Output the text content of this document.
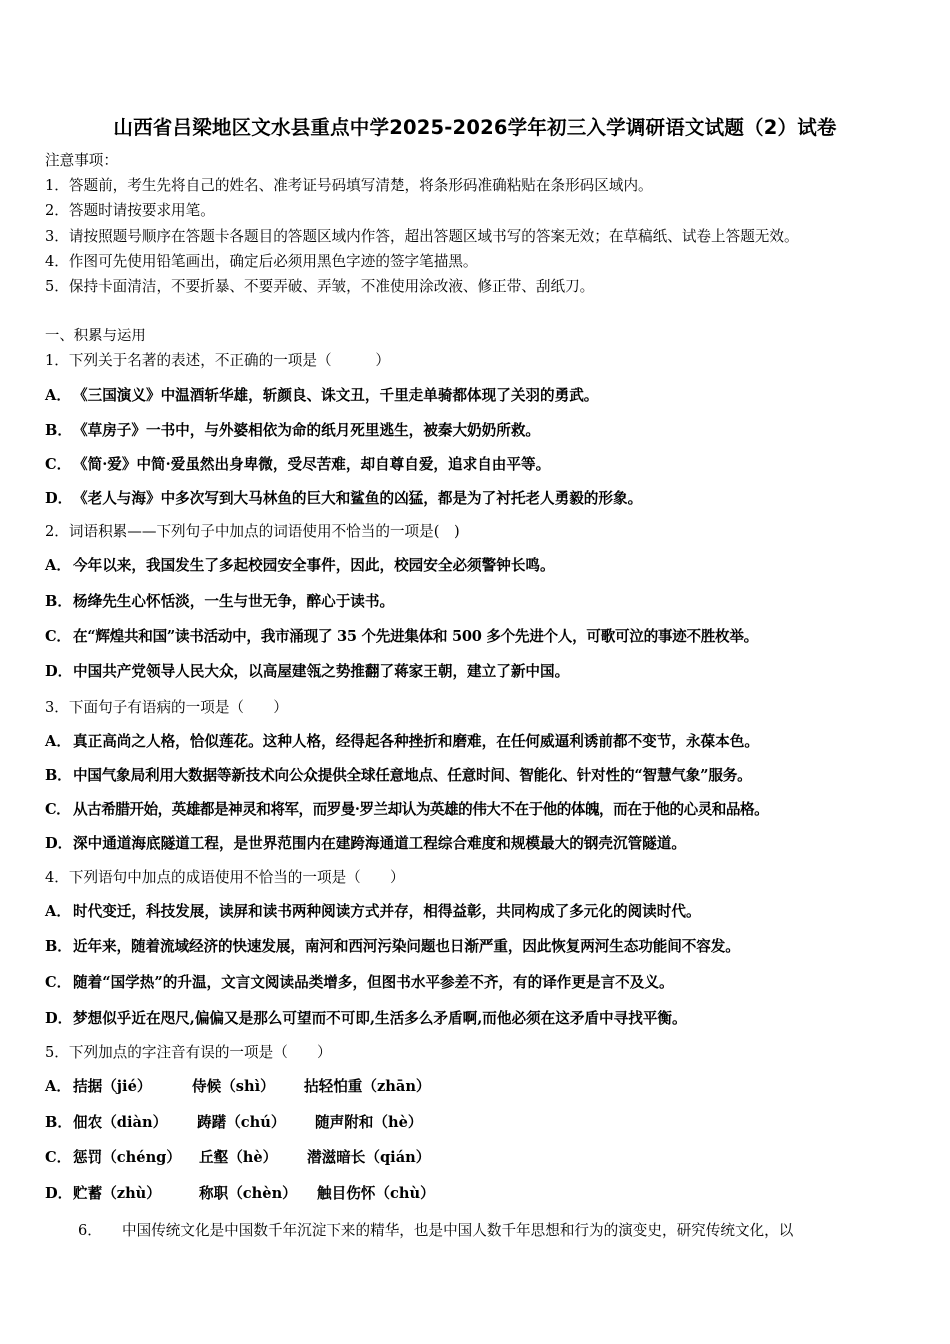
山西省吕梁地区文水县重点中学2025-2026学年初三入学调研语文试题（2）试卷
注意事项：
1．答题前，考生先将自己的姓名、准考证号码填写清楚，将条形码准确粘贴在条形码区域内。
2．答题时请按要求用笔。
3．请按照题号顺序在答题卡各题目的答题区域内作答，超出答题区域书写的答案无效；在草稿纸、试卷上答题无效。
4．作图可先使用铅笔画出，确定后必须用黑色字迹的签字笔描黑。
5．保持卡面清洁，不要折暴、不要弄破、弄皱，不准使用涂改液、修正带、刮纸刀。
一、积累与运用
1．下列关于名著的表述，不正确的一项是（　　　）
A． 《三国演义》中温酒斩华雄，斩颜良、诛文丑，千里走单骑都体现了关羽的勇武。
B．《草房子》一书中，与外婆相依为命的纸月死里逃生，被秦大奶奶所救。
C． 《简·爱》中简·爱虽然出身卑微，受尽苦难，却自尊自爱，追求自由平等。
D．《老人与海》中多次写到大马林鱼的巨大和鲨鱼的凶猛，都是为了衬托老人勇毅的形象。
2．词语积累——下列句子中加点的词语使用不恰当的一项是(　)
A． 今年以来，我国发生了多起校园安全事件，因此，校园安全必须警钟长鸣。
B．杨绛先生心怀恬淡，一生与世无争，醉心于读书。
C． 在“辉煌共和国”读书活动中，我市涌现了 35 个先进集体和 500 多个先进个人，可歌可泣的事迹不胜枚举。
D．中国共产党领导人民大众，以高屋建瓴之势推翻了蒋家王朝，建立了新中国。
3．下面句子有语病的一项是（　　）
A． 真正高尚之人格，恰似莲花。这种人格，经得起各种挫折和磨难，在任何威逼利诱前都不变节，永葆本色。
B．中国气象局利用大数据等新技术向公众提供全球任意地点、任意时间、智能化、针对性的“智慧气象”服务。
C． 从古希腊开始，英雄都是神灵和将军，而罗曼·罗兰却认为英雄的伟大不在于他的体魄，而在于他的心灵和品格。
D．深中通道海底隧道工程，是世界范围内在建跨海通道工程综合难度和规模最大的钢壳沉管隧道。
4．下列语句中加点的成语使用不恰当的一项是（　　）
A． 时代变迁，科技发展，读屏和读书两种阅读方式并存，相得益彰，共同构成了多元化的阅读时代。
B．近年来，随着流域经济的快速发展，南河和西河污染问题也日渐严重，因此恢复两河生态功能间不容发。
C． 随着“国学热”的升温，文言文阅读品类增多，但图书水平参差不齐，有的译作更是言不及义。
D．梦想似乎近在咫尺,偏偏又是那么可望而不可即,生活多么矛盾啊,而他必须在这矛盾中寻找平衡。
5．下列加点的字注音有误的一项是（　　）
A． 拮据（jié）	侍候（shì） 拈轻怕重（zhān）
B．佃农（diàn） 踌躇（chú） 随声附和（hè）
C． 惩罚（chéng） 丘壑（hè） 潜滋暗长（qián）
D．贮蓄（zhù）	称职（chèn） 触目伤怀（chù）
6． 中国传统文化是中国数千年沉淀下来的精华，也是中国人数千年思想和行为的演变史，研究传统文化，以
